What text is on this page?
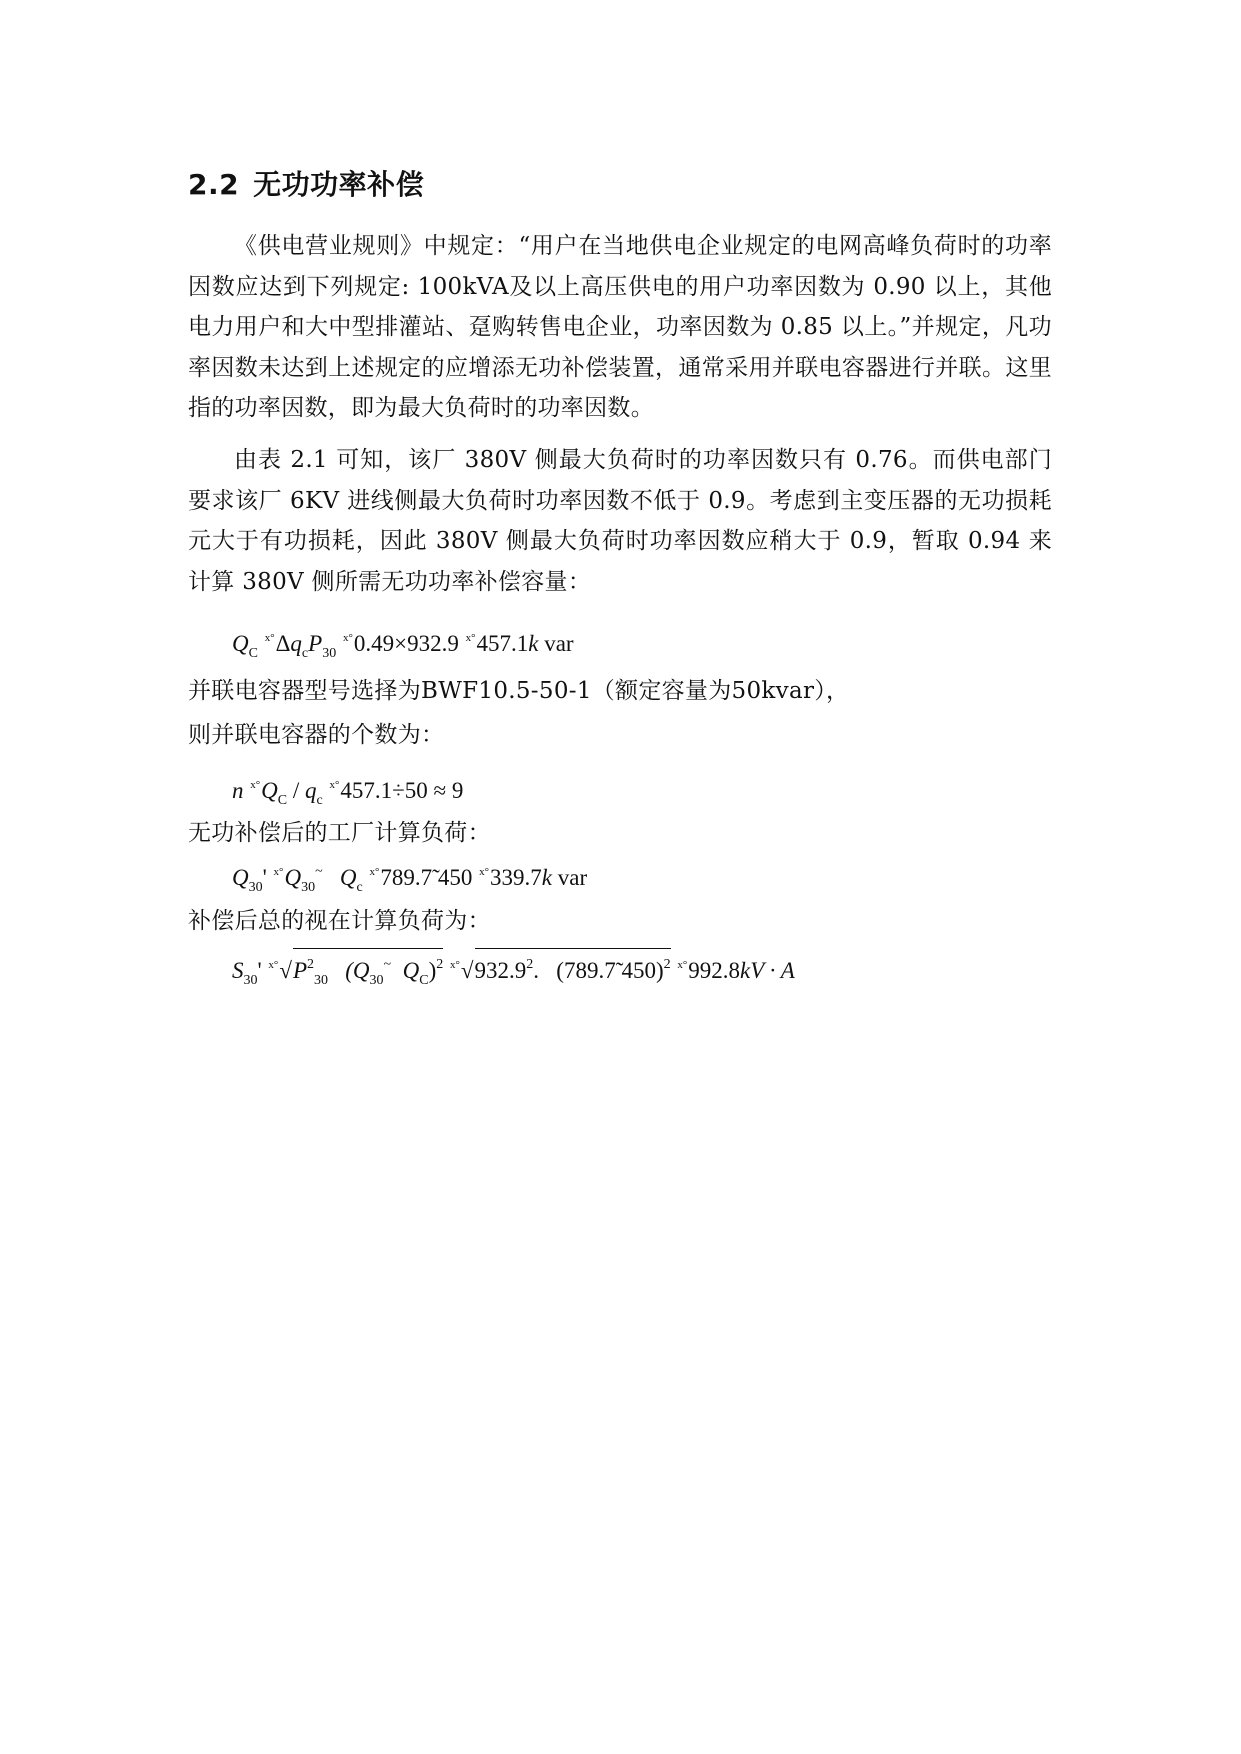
2.2 无功功率补偿
《供电营业规则》中规定：“用户在当地供电企业规定的电网高峰负荷时的功率因数应达到下列规定: 100kVA及以上高压供电的用户功率因数为 0.90 以上，其他电力用户和大中型排灌站、趸购转售电企业，功率因数为 0.85 以上。”并规定，凡功率因数未达到上述规定的应增添无功补偿装置，通常采用并联电容器进行并联。这里指的功率因数，即为最大负荷时的功率因数。
由表 2.1 可知，该厂 380V 侧最大负荷时的功率因数只有 0.76。而供电部门要求该厂 6KV 进线侧最大负荷时功率因数不低于 0.9。考虑到主变压器的无功损耗元大于有功损耗，因此 380V 侧最大负荷时功率因数应稍大于 0.9，暂取 0.94 来计算 380V 侧所需无功功率补偿容量：
$Q_C$ $^{x^\circ}\Delta q_cP_{30}$ $^{x^\circ}$0.49×932.9 $^{x^\circ}$457.1k var
并联电容器型号选择为BWF10.5-50-1（额定容量为50kvar），
则并联电容器的个数为：
n $^{x^\circ}Q_C / q_c$ $^{x^\circ}$457.1÷50 ≈ 9
无功补偿后的工厂计算负荷：
$Q_{30}'$ $^{x^\circ}Q_{30}^\sim$ $Q_c$ $^{x^\circ}$789.7̃ 450 $^{x^\circ}$339.7k var
补偿后总的视在计算负荷为：
$S_{30}'$ $^{x^\circ}√P^2_{30}$ ($Q_{30}^\sim$ $Q_C)^2$ $^{x^\circ}$√932.9$^2$. (789.7̃ 450)$^2$ $^{x^\circ}$992.8kV · A
